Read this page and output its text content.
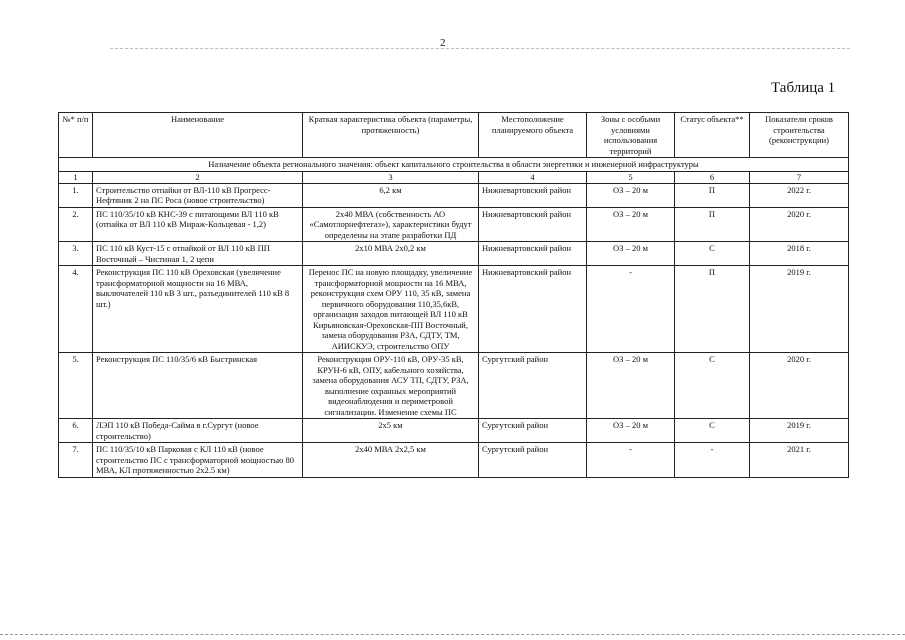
2
Таблица 1
№* п/п	Наименование	Краткая характеристика объекта (параметры, протяженность)	Местоположение планируемого объекта	Зоны с особыми условиями использования территорий	Статус объекта**	Показатели сроков строительства (реконструкции)
Назначение объекта регионального значения: объект капитального строительства в области энергетики и инженерной инфраструктуры						
1	2	3	4	5	6	7
1.	Строительство отпайки от ВЛ-110 кВ Прогресс-Нефтяник 2 на ПС Роса (новое строительство)	6,2 км	Нижневартовский район	ОЗ – 20 м	П	2022 г.
2.	ПС 110/35/10 кВ КНС-39 с питающими ВЛ 110 кВ (отпайка от ВЛ 110 кВ Мираж-Кольцевая - 1,2)	2х40 МВА (собственность АО «Самотлорнефтегаз»), характеристики будут определены на этапе разработки ПД	Нижневартовский район	ОЗ – 20 м	П	2020 г.
3.	ПС 110 кВ Куст-15 с отпайкой от ВЛ 110 кВ ПП Восточный – Чистиная 1, 2 цепи	2х10 МВА 2х0,2 км	Нижневартовский район	ОЗ – 20 м	С	2018 г.
4.	Реконструкция ПС 110 кВ Ореховская (увеличение трансформаторной мощности на 16 МВА, выключателей 110 кВ 3 шт., разъединителей 110 кВ 8 шт.)	Перенос ПС на новую площадку, увеличение трансформаторной мощности на 16 МВА, реконструкция схем ОРУ 110, 35 кВ, замена первичного оборудования 110,35,6кВ, организация заходов питающей ВЛ 110 кВ Кирьяновская-Ореховская-ПП Восточный, замена оборудования РЗА, СДТУ, ТМ, АИИСКУЭ, строительство ОПУ	Нижневартовский район	-	П	2019 г.
5.	Реконструкция ПС 110/35/6 кВ Быстринская	Реконструкция ОРУ-110 кВ, ОРУ-35 кВ, КРУН-6 кВ, ОПУ, кабельного хозяйства, замена оборудования АСУ ТП, СДТУ, РЗА, выполнение охранных мероприятий видеонаблюдения и периметровой сигнализации. Изменение схемы ПС	Сургутский район	ОЗ – 20 м	С	2020 г.
6.	ЛЭП 110 кВ Победа-Сайма в г.Сургут (новое строительство)	2х5 км	Сургутский район	ОЗ – 20 м	С	2019 г.
7.	ПС 110/35/10 кВ Парковая с КЛ 110 кВ (новое строительство ПС с трансформаторной мощностью 80 МВА, КЛ протяженностью 2х2.5 км)	2х40 МВА 2х2,5 км	Сургутский район	-	-	2021 г.
